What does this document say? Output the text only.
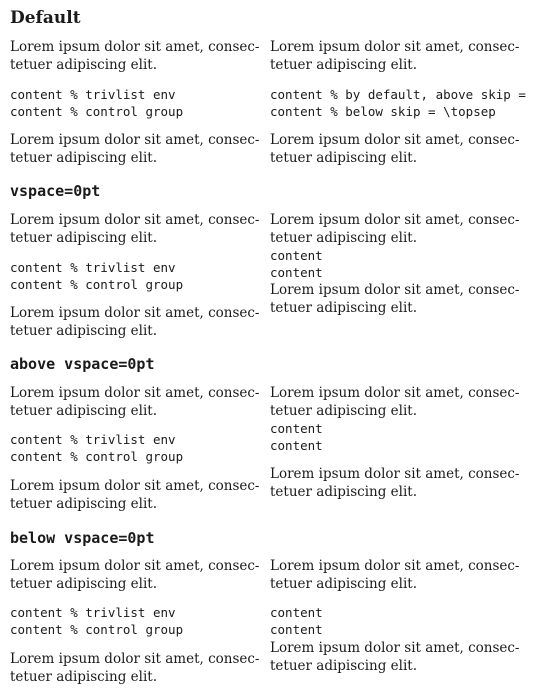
Default
Lorem ipsum dolor sit amet, consec-
tetuer adipiscing elit.
content % trivlist env
content % control group
Lorem ipsum dolor sit amet, consec-
tetuer adipiscing elit.
Lorem ipsum dolor sit amet, consec-
tetuer adipiscing elit.
content % by default, above skip =
content % below skip = \topsep
Lorem ipsum dolor sit amet, consec-
tetuer adipiscing elit.
vspace=0pt
Lorem ipsum dolor sit amet, consec-
tetuer adipiscing elit.
content % trivlist env
content % control group
Lorem ipsum dolor sit amet, consec-
tetuer adipiscing elit.
Lorem ipsum dolor sit amet, consec-
tetuer adipiscing elit.
content
content
Lorem ipsum dolor sit amet, consec-
tetuer adipiscing elit.
above vspace=0pt
Lorem ipsum dolor sit amet, consec-
tetuer adipiscing elit.
content % trivlist env
content % control group
Lorem ipsum dolor sit amet, consec-
tetuer adipiscing elit.
Lorem ipsum dolor sit amet, consec-
tetuer adipiscing elit.
content
content
Lorem ipsum dolor sit amet, consec-
tetuer adipiscing elit.
below vspace=0pt
Lorem ipsum dolor sit amet, consec-
tetuer adipiscing elit.
content % trivlist env
content % control group
Lorem ipsum dolor sit amet, consec-
tetuer adipiscing elit.
Lorem ipsum dolor sit amet, consec-
tetuer adipiscing elit.
content
content
Lorem ipsum dolor sit amet, consec-
tetuer adipiscing elit.
